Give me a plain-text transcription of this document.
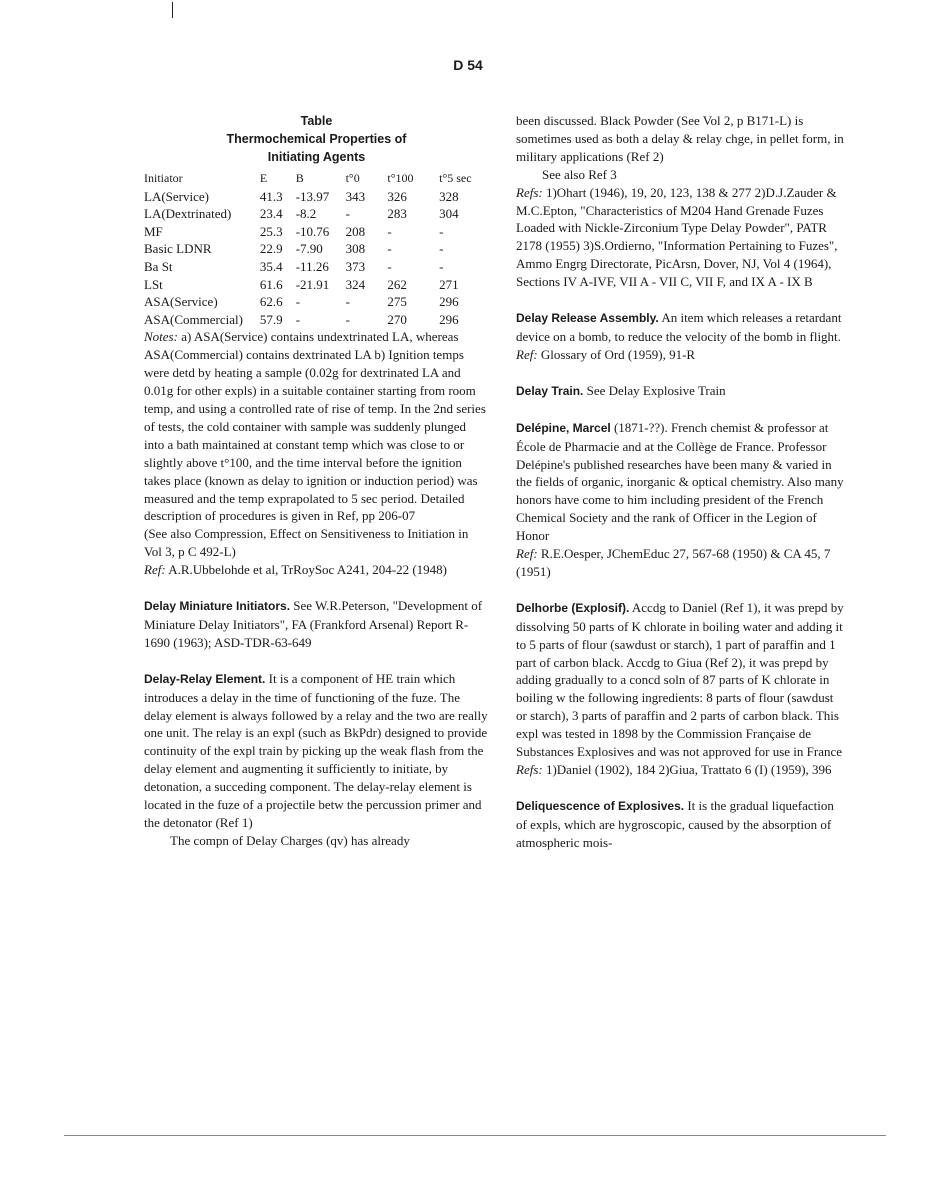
D 54
Table
Thermochemical Properties of
Initiating Agents
Initiator	E	B	t°0	t°100	t°5 sec
LA(Service)	41.3	-13.97	343	326	328
LA(Dextrinated)	23.4	-8.2	-	283	304
MF	25.3	-10.76	208	-	-
Basic LDNR	22.9	-7.90	308	-	-
Ba St	35.4	-11.26	373	-	-
LSt	61.6	-21.91	324	262	271
ASA(Service)	62.6	-	-	275	296
ASA(Commercial)	57.9	-	-	270	296

Notes: a) ASA(Service) contains undextrinated LA, whereas ASA(Commercial) contains dextrinated LA b) Ignition temps were detd by heating a sample (0.02g for dextrinated LA and 0.01g for other expls) in a suitable container starting from room temp, and using a controlled rate of rise of temp. In the 2nd series of tests, the cold container with sample was suddenly plunged into a bath maintained at constant temp which was close to or slightly above t°100, and the time interval before the ignition takes place (known as delay to ignition or induction period) was measured and the temp exprapolated to 5 sec period. Detailed description of procedures is given in Ref, pp 206-07

(See also Compression, Effect on Sensitiveness to Initiation in Vol 3, p C 492-L)

Ref: A.R.Ubbelohde et al, TrRoySoc A241, 204-22 (1948)

Delay Miniature Initiators. See W.R.Peterson, "Development of Miniature Delay Initiators", FA (Frankford Arsenal) Report R-1690 (1963); ASD-TDR-63-649

Delay-Relay Element. It is a component of HE train which introduces a delay in the time of functioning of the fuze. The delay element is always followed by a relay and the two are really one unit. The relay is an expl (such as BkPdr) designed to provide continuity of the expl train by picking up the weak flash from the delay element and augmenting it sufficiently to initiate, by detonation, a succeding component. The delay-relay element is located in the fuze of a projectile betw the percussion primer and the detonator (Ref 1)

The compn of Delay Charges (qv) has already

been discussed. Black Powder (See Vol 2, p B171-L) is sometimes used as both a delay & relay chge, in pellet form, in military applications (Ref 2)

See also Ref 3

Refs: 1)Ohart (1946), 19, 20, 123, 138 & 277 2)D.J.Zauder & M.C.Epton, "Characteristics of M204 Hand Grenade Fuzes Loaded with Nickle-Zirconium Type Delay Powder", PATR 2178 (1955) 3)S.Ordierno, "Information Pertaining to Fuzes", Ammo Engrg Directorate, PicArsn, Dover, NJ, Vol 4 (1964), Sections IV A-IVF, VII A - VII C, VII F, and IX A - IX B

Delay Release Assembly. An item which releases a retardant device on a bomb, to reduce the velocity of the bomb in flight.

Ref: Glossary of Ord (1959), 91-R

Delay Train. See Delay Explosive Train

Delépine, Marcel (1871-??). French chemist & professor at École de Pharmacie and at the Collège de France. Professor Delépine's published researches have been many & varied in the fields of organic, inorganic & optical chemistry. Also many honors have come to him including president of the French Chemical Society and the rank of Officer in the Legion of Honor

Ref: R.E.Oesper, JChemEduc 27, 567-68 (1950) & CA 45, 7 (1951)

Delhorbe (Explosif). Accdg to Daniel (Ref 1), it was prepd by dissolving 50 parts of K chlorate in boiling water and adding it to 5 parts of flour (sawdust or starch), 1 part of paraffin and 1 part of carbon black. Accdg to Giua (Ref 2), it was prepd by adding gradually to a concd soln of 87 parts of K chlorate in boiling w the following ingredients: 8 parts of flour (sawdust or starch), 3 parts of paraffin and 2 parts of carbon black. This expl was tested in 1898 by the Commission Française de Substances Explosives and was not approved for use in France

Refs: 1)Daniel (1902), 184 2)Giua, Trattato 6 (I) (1959), 396

Deliquescence of Explosives. It is the gradual liquefaction of expls, which are hygroscopic, caused by the absorption of atmospheric mois-
